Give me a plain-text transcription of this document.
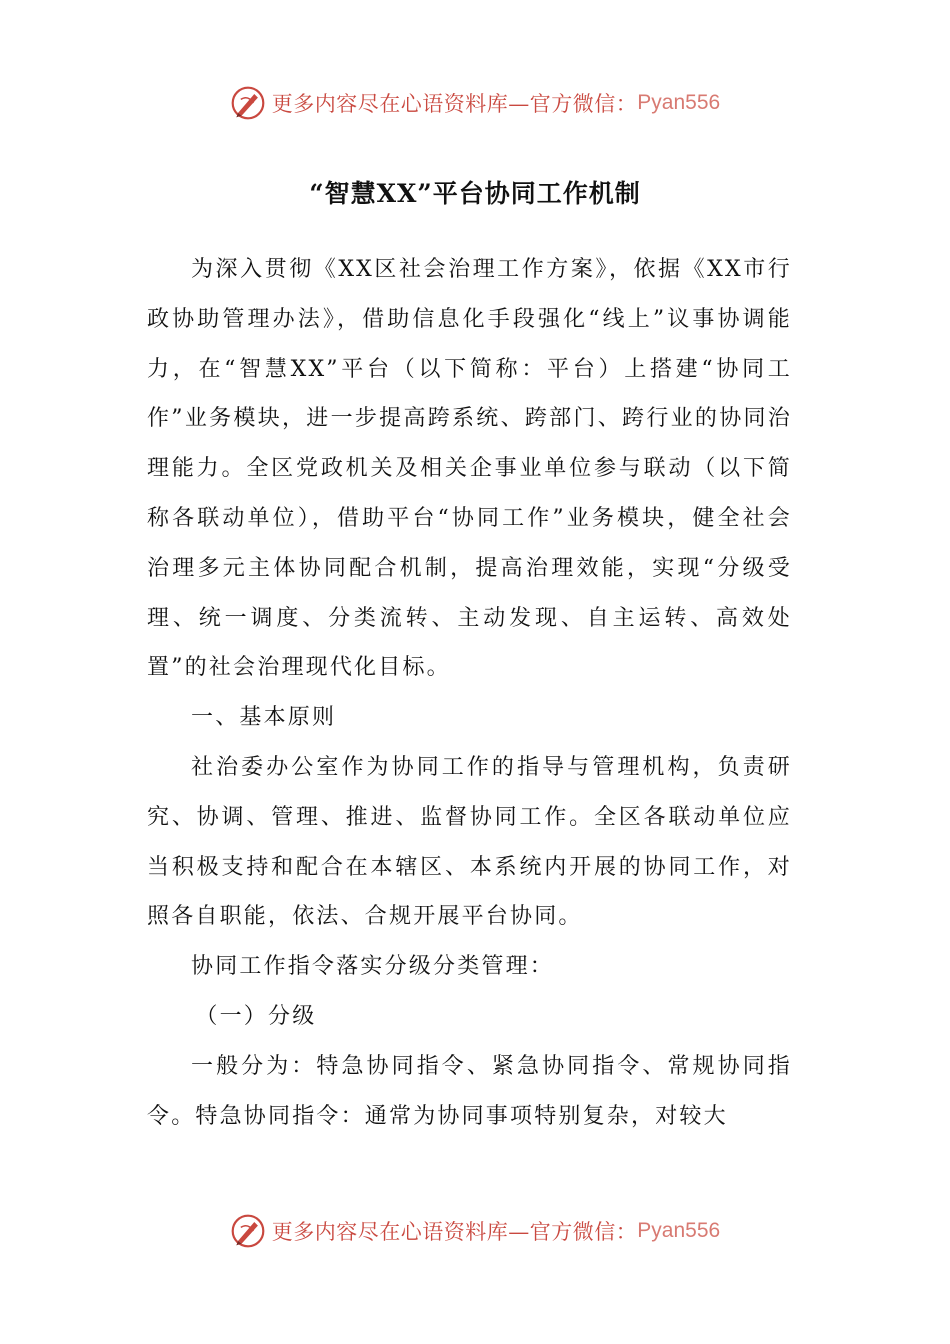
更多内容尽在心语资料库—官方微信： Pyan556
“智慧XX”平台协同工作机制

为深入贯彻《XX区社会治理工作方案》，依据《XX市行政协助管理办法》，借助信息化手段强化“线上”议事协调能力，在“智慧XX”平台（以下简称：平台）上搭建“协同工作”业务模块，进一步提高跨系统、跨部门、跨行业的协同治理能力。全区党政机关及相关企事业单位参与联动（以下简称各联动单位），借助平台“协同工作”业务模块，健全社会治理多元主体协同配合机制，提高治理效能，实现“分级受理、统一调度、分类流转、主动发现、自主运转、高效处置”的社会治理现代化目标。

一、基本原则

社治委办公室作为协同工作的指导与管理机构，负责研究、协调、管理、推进、监督协同工作。全区各联动单位应当积极支持和配合在本辖区、本系统内开展的协同工作，对照各自职能，依法、合规开展平台协同。

协同工作指令落实分级分类管理：

（一）分级

一般分为：特急协同指令、紧急协同指令、常规协同指令。特急协同指令：通常为协同事项特别复杂，对较大

更多内容尽在心语资料库—官方微信： Pyan556
